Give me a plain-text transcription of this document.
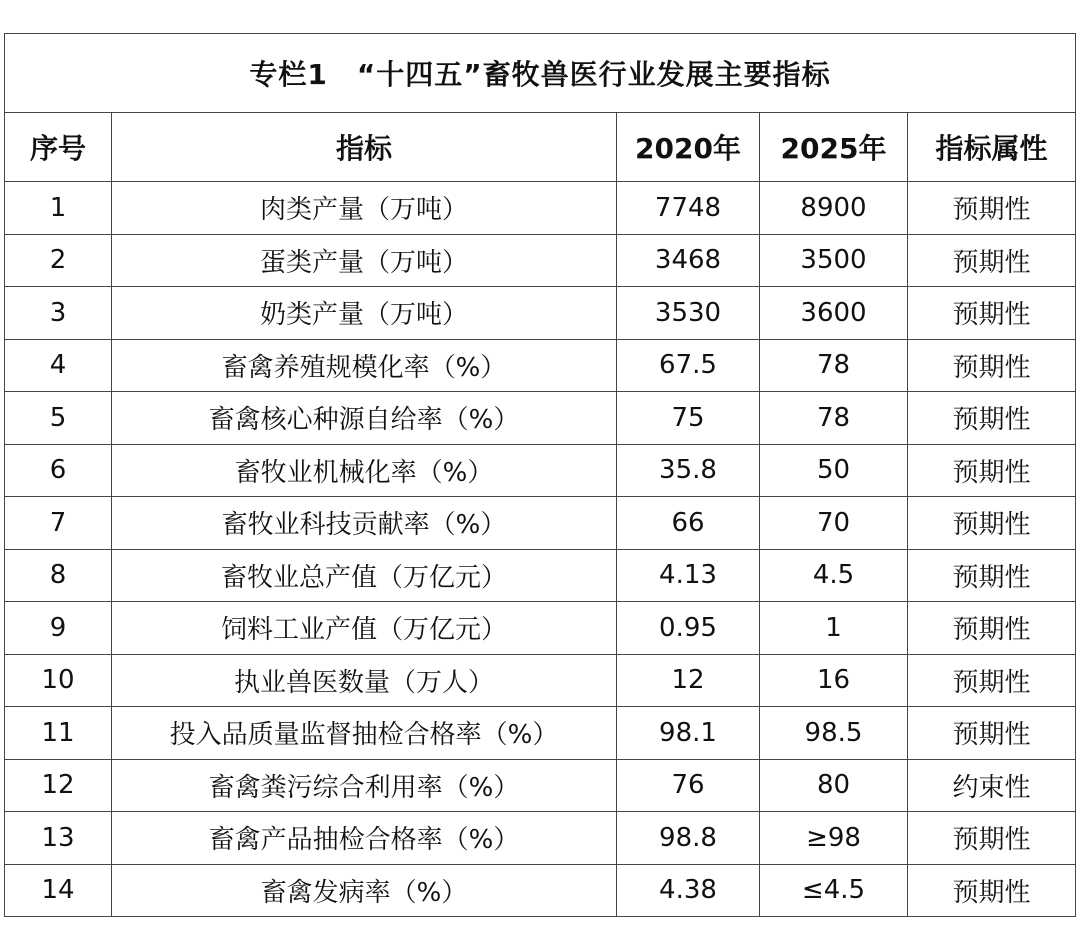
专栏1　“十四五”畜牧兽医行业发展主要指标				
序号	指标	2020年	2025年	指标属性
1	肉类产量（万吨）	7748	8900	预期性
2	蛋类产量（万吨）	3468	3500	预期性
3	奶类产量（万吨）	3530	3600	预期性
4	畜禽养殖规模化率（%）	67.5	78	预期性
5	畜禽核心种源自给率（%）	75	78	预期性
6	畜牧业机械化率（%）	35.8	50	预期性
7	畜牧业科技贡献率（%）	66	70	预期性
8	畜牧业总产值（万亿元）	4.13	4.5	预期性
9	饲料工业产值（万亿元）	0.95	1	预期性
10	执业兽医数量（万人）	12	16	预期性
11	投入品质量监督抽检合格率（%）	98.1	98.5	预期性
12	畜禽粪污综合利用率（%）	76	80	约束性
13	畜禽产品抽检合格率（%）	98.8	≥98	预期性
14	畜禽发病率（%）	4.38	≤4.5	预期性
